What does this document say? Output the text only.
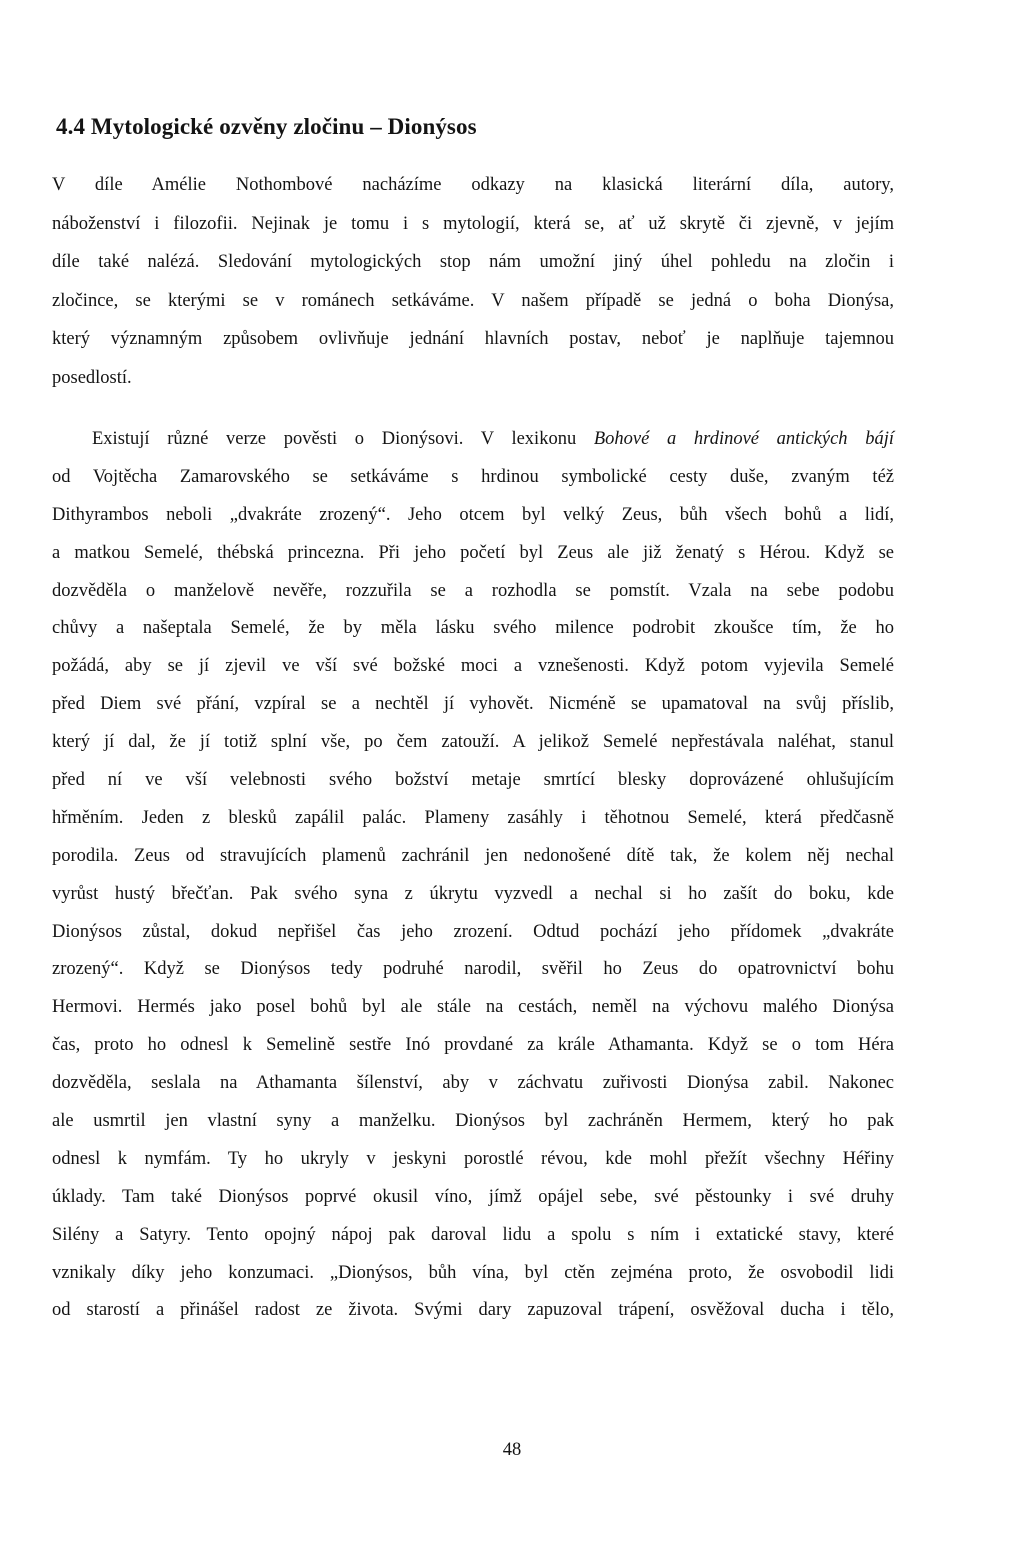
4.4 Mytologické ozvěny zločinu – Dionýsos
V díle Amélie Nothombové nacházíme odkazy na klasická literární díla, autory,
náboženství i filozofii. Nejinak je tomu i s mytologií, která se, ať už skrytě či zjevně, v jejím
díle také nalézá. Sledování mytologických stop nám umožní jiný úhel pohledu na zločin i
zločince, se kterými se v románech setkáváme. V našem případě se jedná o boha Dionýsa,
který významným způsobem ovlivňuje jednání hlavních postav, neboť je naplňuje tajemnou
posedlostí.
Existují různé verze pověsti o Dionýsovi. V lexikonu Bohové a hrdinové antických bájí
od Vojtěcha Zamarovského se setkáváme s hrdinou symbolické cesty duše, zvaným též
Dithyrambos neboli „dvakráte zrozený“. Jeho otcem byl velký Zeus, bůh všech bohů a lidí,
a matkou Semelé, thébská princezna. Při jeho početí byl Zeus ale již ženatý s Hérou. Když se
dozvěděla o manželově nevěře, rozzuřila se a rozhodla se pomstít. Vzala na sebe podobu
chůvy a našeptala Semelé, že by měla lásku svého milence podrobit zkoušce tím, že ho
požádá, aby se jí zjevil ve vší své božské moci a vznešenosti. Když potom vyjevila Semelé
před Diem své přání, vzpíral se a nechtěl jí vyhovět. Nicméně se upamatoval na svůj příslib,
který jí dal, že jí totiž splní vše, po čem zatouží. A jelikož Semelé nepřestávala naléhat, stanul
před ní ve vší velebnosti svého božství metaje smrtící blesky doprovázené ohlušujícím
hřměním. Jeden z blesků zapálil palác. Plameny zasáhly i těhotnou Semelé, která předčasně
porodila. Zeus od stravujících plamenů zachránil jen nedonošené dítě tak, že kolem něj nechal
vyrůst hustý břečťan. Pak svého syna z úkrytu vyzvedl a nechal si ho zašít do boku, kde
Dionýsos zůstal, dokud nepřišel čas jeho zrození. Odtud pochází jeho přídomek „dvakráte
zrozený“. Když se Dionýsos tedy podruhé narodil, svěřil ho Zeus do opatrovnictví bohu
Hermovi. Hermés jako posel bohů byl ale stále na cestách, neměl na výchovu malého Dionýsa
čas, proto ho odnesl k Semelině sestře Inó provdané za krále Athamanta. Když se o tom Héra
dozvěděla, seslala na Athamanta šílenství, aby v záchvatu zuřivosti Dionýsa zabil. Nakonec
ale usmrtil jen vlastní syny a manželku. Dionýsos byl zachráněn Hermem, který ho pak
odnesl k nymfám. Ty ho ukryly v jeskyni porostlé révou, kde mohl přežít všechny Héřiny
úklady. Tam také Dionýsos poprvé okusil víno, jímž opájel sebe, své pěstounky i své druhy
Silény a Satyry. Tento opojný nápoj pak daroval lidu a spolu s ním i extatické stavy, které
vznikaly díky jeho konzumaci. „Dionýsos, bůh vína, byl ctěn zejména proto, že osvobodil lidi
od starostí a přinášel radost ze života. Svými dary zapuzoval trápení, osvěžoval ducha i tělo,
48
